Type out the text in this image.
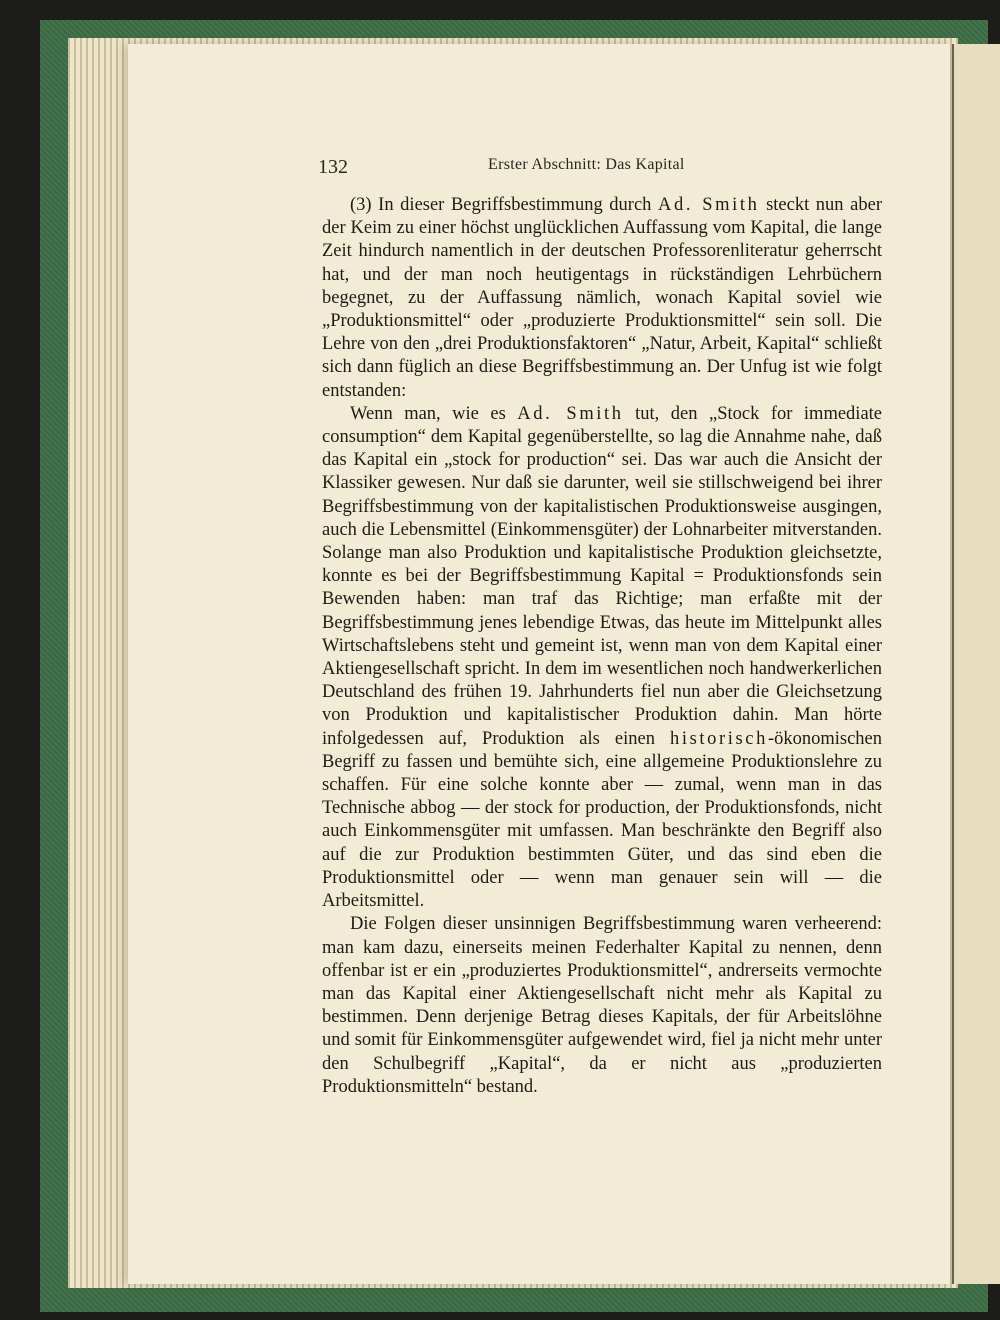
132	Erster Abschnitt: Das Kapital

(3) In dieser Begriffsbestimmung durch Ad. Smith steckt nun aber der Keim zu einer höchst unglücklichen Auffassung vom Kapital, die lange Zeit hindurch namentlich in der deutschen Professorenliteratur geherrscht hat, und der man noch heutigentags in rückständigen Lehrbüchern begegnet, zu der Auffassung nämlich, wonach Kapital soviel wie „Produktionsmittel“ oder „produzierte Produktionsmittel“ sein soll. Die Lehre von den „drei Produktionsfaktoren“ „Natur, Arbeit, Kapital“ schließt sich dann füglich an diese Begriffsbestimmung an. Der Unfug ist wie folgt entstanden:

Wenn man, wie es Ad. Smith tut, den „Stock for immediate consumption“ dem Kapital gegenüberstellte, so lag die Annahme nahe, daß das Kapital ein „stock for production“ sei. Das war auch die Ansicht der Klassiker gewesen. Nur daß sie darunter, weil sie stillschweigend bei ihrer Begriffsbestimmung von der kapitalistischen Produktionsweise ausgingen, auch die Lebensmittel (Einkommensgüter) der Lohnarbeiter mitverstanden. Solange man also Produktion und kapitalistische Produktion gleichsetzte, konnte es bei der Begriffsbestimmung Kapital = Produktionsfonds sein Bewenden haben: man traf das Richtige; man erfaßte mit der Begriffsbestimmung jenes lebendige Etwas, das heute im Mittelpunkt alles Wirtschaftslebens steht und gemeint ist, wenn man von dem Kapital einer Aktiengesellschaft spricht. In dem im wesentlichen noch handwerkerlichen Deutschland des frühen 19. Jahrhunderts fiel nun aber die Gleichsetzung von Produktion und kapitalistischer Produktion dahin. Man hörte infolgedessen auf, Produktion als einen historisch-ökonomischen Begriff zu fassen und bemühte sich, eine allgemeine Produktionslehre zu schaffen. Für eine solche konnte aber — zumal, wenn man in das Technische abbog — der stock for production, der Produktionsfonds, nicht auch Einkommensgüter mit umfassen. Man beschränkte den Begriff also auf die zur Produktion bestimmten Güter, und das sind eben die Produktionsmittel oder — wenn man genauer sein will — die Arbeitsmittel.

Die Folgen dieser unsinnigen Begriffsbestimmung waren verheerend: man kam dazu, einerseits meinen Federhalter Kapital zu nennen, denn offenbar ist er ein „produziertes Produktionsmittel“, andrerseits vermochte man das Kapital einer Aktiengesellschaft nicht mehr als Kapital zu bestimmen. Denn derjenige Betrag dieses Kapitals, der für Arbeitslöhne und somit für Einkommensgüter aufgewendet wird, fiel ja nicht mehr unter den Schulbegriff „Kapital“, da er nicht aus „produzierten Produktionsmitteln“ bestand.
